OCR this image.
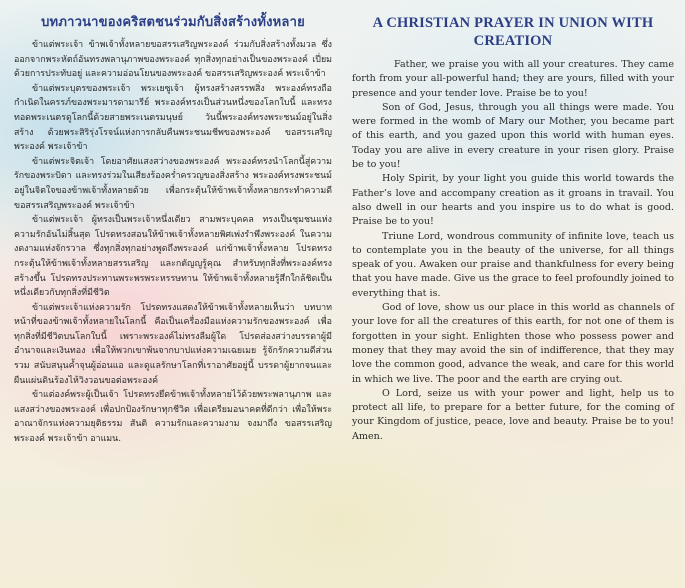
บทภาวนาของคริสตชนร่วมกับสิ่งสร้างทั้งหลาย

ข้าแต่พระเจ้า ข้าพเจ้าทั้งหลายขอสรรเสริญพระองค์ ร่วมกับสิ่งสร้างทั้งมวล ซึ่งออกจากพระหัตถ์อันทรงพลานุภาพของพระองค์ ทุกสิ่งทุกอย่างเป็นของพระองค์ เปี่ยมด้วยการประทับอยู่ และความอ่อนโยนของพระองค์ ขอสรรเสริญพระองค์ พระเจ้าข้า

ข้าแต่พระบุตรของพระเจ้า พระเยซูเจ้า ผู้ทรงสร้างสรรพสิ่ง พระองค์ทรงถือกำเนิดในครรภ์ของพระมารดามารีย์ พระองค์ทรงเป็นส่วนหนึ่งของโลกใบนี้ และทรงทอดพระเนตรดูโลกนี้ด้วยสายพระเนตรมนุษย์ วันนี้พระองค์ทรงพระชนม์อยู่ในสิ่งสร้าง ด้วยพระสิริรุ่งโรจน์แห่งการกลับคืนพระชนมชีพของพระองค์ ขอสรรเสริญพระองค์ พระเจ้าข้า

ข้าแต่พระจิตเจ้า โดยอาศัยแสงสว่างของพระองค์ พระองค์ทรงนำโลกนี้สู่ความรักของพระบิดา และทรงร่วมในเสียงร้องคร่ำครวญของสิ่งสร้าง พระองค์ทรงพระชนม์อยู่ในจิตใจของข้าพเจ้าทั้งหลายด้วย เพื่อกระตุ้นให้ข้าพเจ้าทั้งหลายกระทำความดี ขอสรรเสริญพระองค์ พระเจ้าข้า

ข้าแต่พระเจ้า ผู้ทรงเป็นพระเจ้าหนึ่งเดียว สามพระบุคคล ทรงเป็นชุมชนแห่งความรักอันไม่สิ้นสุด โปรดทรงสอนให้ข้าพเจ้าทั้งหลายพิศเพ่งรำพึงพระองค์ ในความงดงามแห่งจักรวาล ซึ่งทุกสิ่งทุกอย่างพูดถึงพระองค์ แก่ข้าพเจ้าทั้งหลาย โปรดทรงกระตุ้นให้ข้าพเจ้าทั้งหลายสรรเสริญ และกตัญญูรู้คุณ สำหรับทุกสิ่งที่พระองค์ทรงสร้างขึ้น โปรดทรงประทานพระพรพระหรรษทาน ให้ข้าพเจ้าทั้งหลายรู้สึกใกล้ชิดเป็นหนึ่งเดียวกับทุกสิ่งที่มีชีวิต

ข้าแต่พระเจ้าแห่งความรัก โปรดทรงแสดงให้ข้าพเจ้าทั้งหลายเห็นว่า บทบาทหน้าที่ของข้าพเจ้าทั้งหลายในโลกนี้ คือเป็นเครื่องมือแห่งความรักของพระองค์ เพื่อทุกสิ่งที่มีชีวิตบนโลกใบนี้ เพราะพระองค์ไม่ทรงลืมผู้ใด โปรดส่องสว่างบรรดาผู้มีอำนาจและเงินทอง เพื่อให้พวกเขาพ้นจากบาปแห่งความเฉยเมย รู้จักรักความดีส่วนรวม สนับสนุนค้ำจุนผู้อ่อนแอ และดูแลรักษาโลกที่เราอาศัยอยู่นี้ บรรดาผู้ยากจนและผืนแผ่นดินร้องไห้วิงวอนขอต่อพระองค์

ข้าแต่องค์พระผู้เป็นเจ้า โปรดทรงยึดข้าพเจ้าทั้งหลายไว้ด้วยพระพลานุภาพ และแสงสว่างของพระองค์ เพื่อปกป้องรักษาทุกชีวิต เพื่อเตรียมอนาคตที่ดีกว่า เพื่อให้พระอาณาจักรแห่งความยุติธรรม สันติ ความรักและความงาม จงมาถึง ขอสรรเสริญพระองค์ พระเจ้าข้า อาแมน.

A CHRISTIAN PRAYER IN UNION WITH CREATION

Father, we praise you with all your creatures. They came forth from your all-powerful hand; they are yours, filled with your presence and your tender love. Praise be to you!

Son of God, Jesus, through you all things were made. You were formed in the womb of Mary our Mother, you became part of this earth, and you gazed upon this world with human eyes. Today you are alive in every creature in your risen glory. Praise be to you!

Holy Spirit, by your light you guide this world towards the Father’s love and accompany creation as it groans in travail. You also dwell in our hearts and you inspire us to do what is good. Praise be to you!

Triune Lord, wondrous community of infinite love, teach us to contemplate you in the beauty of the universe, for all things speak of you. Awaken our praise and thankfulness for every being that you have made. Give us the grace to feel profoundly joined to everything that is.

God of love, show us our place in this world as channels of your love for all the creatures of this earth, for not one of them is forgotten in your sight. Enlighten those who possess power and money that they may avoid the sin of indifference, that they may love the common good, advance the weak, and care for this world in which we live. The poor and the earth are crying out.

O Lord, seize us with your power and light, help us to protect all life, to prepare for a better future, for the coming of your Kingdom of justice, peace, love and beauty. Praise be to you! Amen.
